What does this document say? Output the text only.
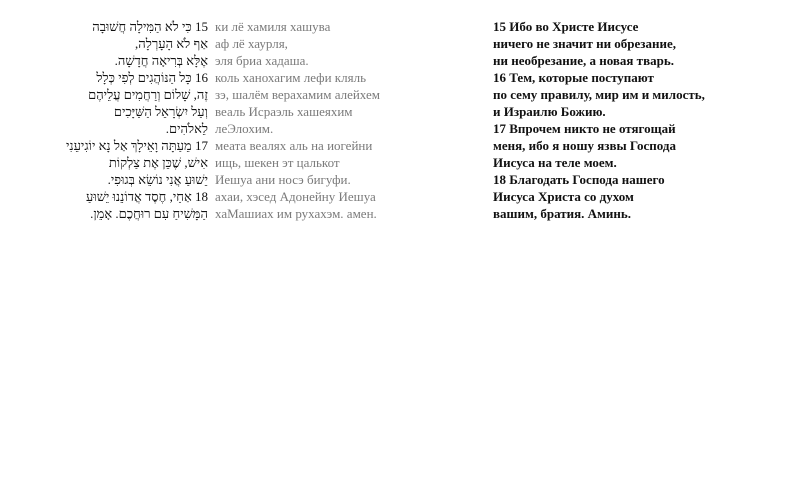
15 כִּי לֹא הַמִּילָה חֲשׁוּבָה
אַף לֹא הָעָרְלָה,
אֶלָּא בְּרִיאָה חֲדָשָׁה.
16 כָּל הַנּוֹהֲגִים לְפִי כְּלָל
זֶה, שָׁלוֹם וְרַחֲמִים עֲלֵיהֶם
וְעַל יִשְׂרָאֵל הַשַּׁיָּכִים
לֵאלֹהִים.
17 מֵעַתָּה וָאֵילָךְ אַל נָא יוֹגִיעֵנִי
אִישׁ, שֶׁכֵּן אֶת צַלְקוֹת
יֵשׁוּעַ אֲנִי נוֹשֵׂא בְּגוּפִי.
18 אַחַי, חֶסֶד אֲדוֹנֵנוּ יֵשׁוּעַ
הַמָּשִׁיחַ עִם רוּחֲכֶם. אָמֵן.
ки лё хамиля хашува
аф лё хаурля,
эля бриа хадаша.
коль ханохагим лефи кляль
зэ, шалём верахамим алейхем
веаль Исраэль хашеяхим
леЭлохим.
меата веалях аль на иогейни
ищь, шекен эт цалькот
Иешуа ани носэ бигуфи.
ахаи, хэсед Адонейну Иешуа
хаМашиах им рухахэм. амен.
15 Ибо во Христе Иисусе
ничего не значит ни обрезание,
ни необрезание, а новая тварь.
16 Тем, которые поступают
по сему правилу, мир им и милость,
и Израилю Божию.
17 Впрочем никто не отягощай
меня, ибо я ношу язвы Господа
Иисуса на теле моем.
18 Благодать Господа нашего
Иисуса Христа со духом
вашим, братия. Аминь.
